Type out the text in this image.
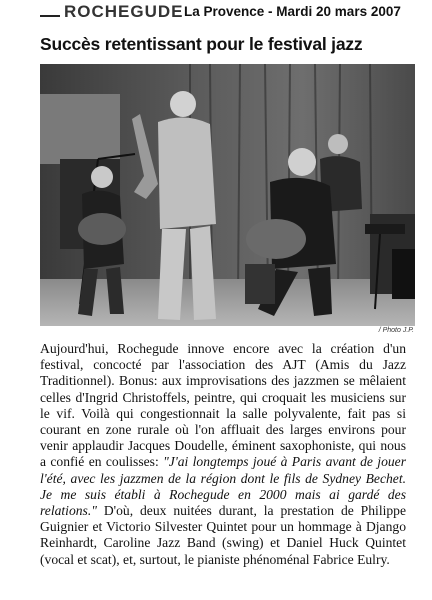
ROCHEGUDE La Provence - Mardi 20 mars 2007
Succès retentissant pour le festival jazz
/ Photo J.P.

Aujourd'hui, Rochegude innove encore avec la création d'un festival, concocté par l'association des AJT (Amis du Jazz Traditionnel). Bonus: aux improvisations des jazzmen se mêlaient celles d'Ingrid Christoffels, peintre, qui croquait les musiciens sur le vif. Voilà qui congestionnait la salle polyvalente, fait pas si courant en zone rurale où l'on affluait des larges environs pour venir applaudir Jacques Doudelle, éminent saxophoniste, qui nous a confié en coulisses: "J'ai longtemps joué à Paris avant de jouer l'été, avec les jazzmen de la région dont le fils de Sydney Bechet. Je me suis établi à Rochegude en 2000 mais ai gardé des relations." D'où, deux nuitées durant, la prestation de Philippe Guignier et Victorio Silvester Quintet pour un hommage à Django Reinhardt, Caroline Jazz Band (swing) et Daniel Huck Quintet (vocal et scat), et, surtout, le pianiste phénoménal Fabrice Eulry.
